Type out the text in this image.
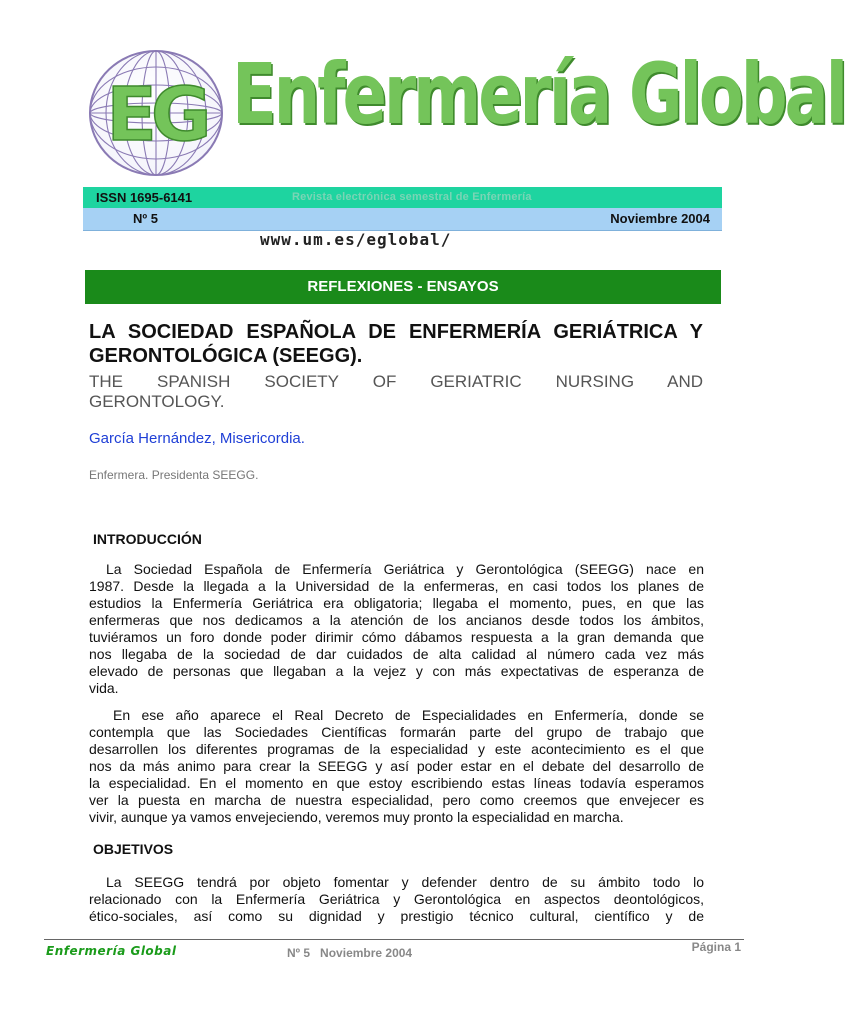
EG Enfermería Global
ISSN 1695-6141	Revista electrónica semestral de Enfermería
Nº 5	Noviembre 2004
www.um.es/eglobal/
REFLEXIONES - ENSAYOS
LA SOCIEDAD ESPAÑOLA DE ENFERMERÍA GERIÁTRICA Y
GERONTOLÓGICA (SEEGG).
THE SPANISH SOCIETY OF GERIATRIC NURSING AND
GERONTOLOGY.
García Hernández, Misericordia.
Enfermera. Presidenta SEEGG.
INTRODUCCIÓN
La Sociedad Española de Enfermería Geriátrica y Gerontológica (SEEGG) nace en
1987. Desde la llegada a la Universidad de la enfermeras, en casi todos los planes de
estudios la Enfermería Geriátrica era obligatoria; llegaba el momento, pues, en que las
enfermeras que nos dedicamos a la atención de los ancianos desde todos los ámbitos,
tuviéramos un foro donde poder dirimir cómo dábamos respuesta a la gran demanda que
nos llegaba de la sociedad de dar cuidados de alta calidad al número cada vez más
elevado de personas que llegaban a la vejez y con más expectativas de esperanza de
vida.
En ese año aparece el Real Decreto de Especialidades en Enfermería, donde se
contempla que las Sociedades Científicas formarán parte del grupo de trabajo que
desarrollen los diferentes programas de la especialidad y este acontecimiento es el que
nos da más animo para crear la SEEGG y así poder estar en el debate del desarrollo de
la especialidad. En el momento en que estoy escribiendo estas líneas todavía esperamos
ver la puesta en marcha de nuestra especialidad, pero como creemos que envejecer es
vivir, aunque ya vamos envejeciendo, veremos muy pronto la especialidad en marcha.
OBJETIVOS
La SEEGG tendrá por objeto fomentar y defender dentro de su ámbito todo lo
relacionado con la Enfermería Geriátrica y Gerontológica en aspectos deontológicos,
ético-sociales, así como su dignidad y prestigio técnico cultural, científico y de
Enfermería Global	Nº 5   Noviembre 2004	Página 1
